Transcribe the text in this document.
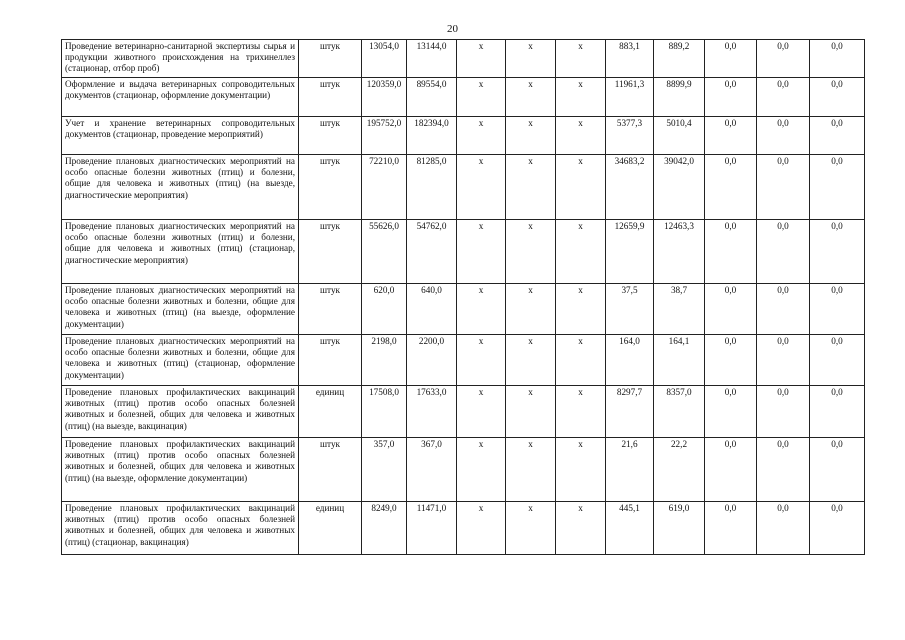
20
Проведение ветеринарно-санитарной экспертизы сырья и продукции животного происхождения на трихинеллез (стационар, отбор проб)	штук	13054,0	13144,0	х	х	х	883,1	889,2	0,0	0,0	0,0
Оформление и выдача ветеринарных сопроводительных документов (стационар, оформление документации)	штук	120359,0	89554,0	х	х	х	11961,3	8899,9	0,0	0,0	0,0
Учет и хранение ветеринарных сопроводительных документов (стационар, проведение мероприятий)	штук	195752,0	182394,0	х	х	х	5377,3	5010,4	0,0	0,0	0,0
Проведение плановых диагностических мероприятий на особо опасные болезни животных (птиц) и болезни, общие для человека и животных (птиц) (на выезде, диагностические мероприятия)	штук	72210,0	81285,0	х	х	х	34683,2	39042,0	0,0	0,0	0,0
Проведение плановых диагностических мероприятий на особо опасные болезни животных (птиц) и болезни, общие для человека и животных (птиц) (стационар, диагностические мероприятия)	штук	55626,0	54762,0	х	х	х	12659,9	12463,3	0,0	0,0	0,0
Проведение плановых диагностических мероприятий на особо опасные болезни животных и болезни, общие для человека и животных (птиц) (на выезде, оформление документации)	штук	620,0	640,0	х	х	х	37,5	38,7	0,0	0,0	0,0
Проведение плановых диагностических мероприятий на особо опасные болезни животных и болезни, общие для человека и животных (птиц) (стационар, оформление документации)	штук	2198,0	2200,0	х	х	х	164,0	164,1	0,0	0,0	0,0
Проведение плановых профилактических вакцинаций животных (птиц) против особо опасных болезней животных и болезней, общих для человека и животных (птиц) (на выезде, вакцинация)	единиц	17508,0	17633,0	х	х	х	8297,7	8357,0	0,0	0,0	0,0
Проведение плановых профилактических вакцинаций животных (птиц) против особо опасных болезней животных и болезней, общих для человека и животных (птиц) (на выезде, оформление документации)	штук	357,0	367,0	х	х	х	21,6	22,2	0,0	0,0	0,0
Проведение плановых профилактических вакцинаций животных (птиц) против особо опасных болезней животных и болезней, общих для человека и животных (птиц) (стационар, вакцинация)	единиц	8249,0	11471,0	х	х	х	445,1	619,0	0,0	0,0	0,0
